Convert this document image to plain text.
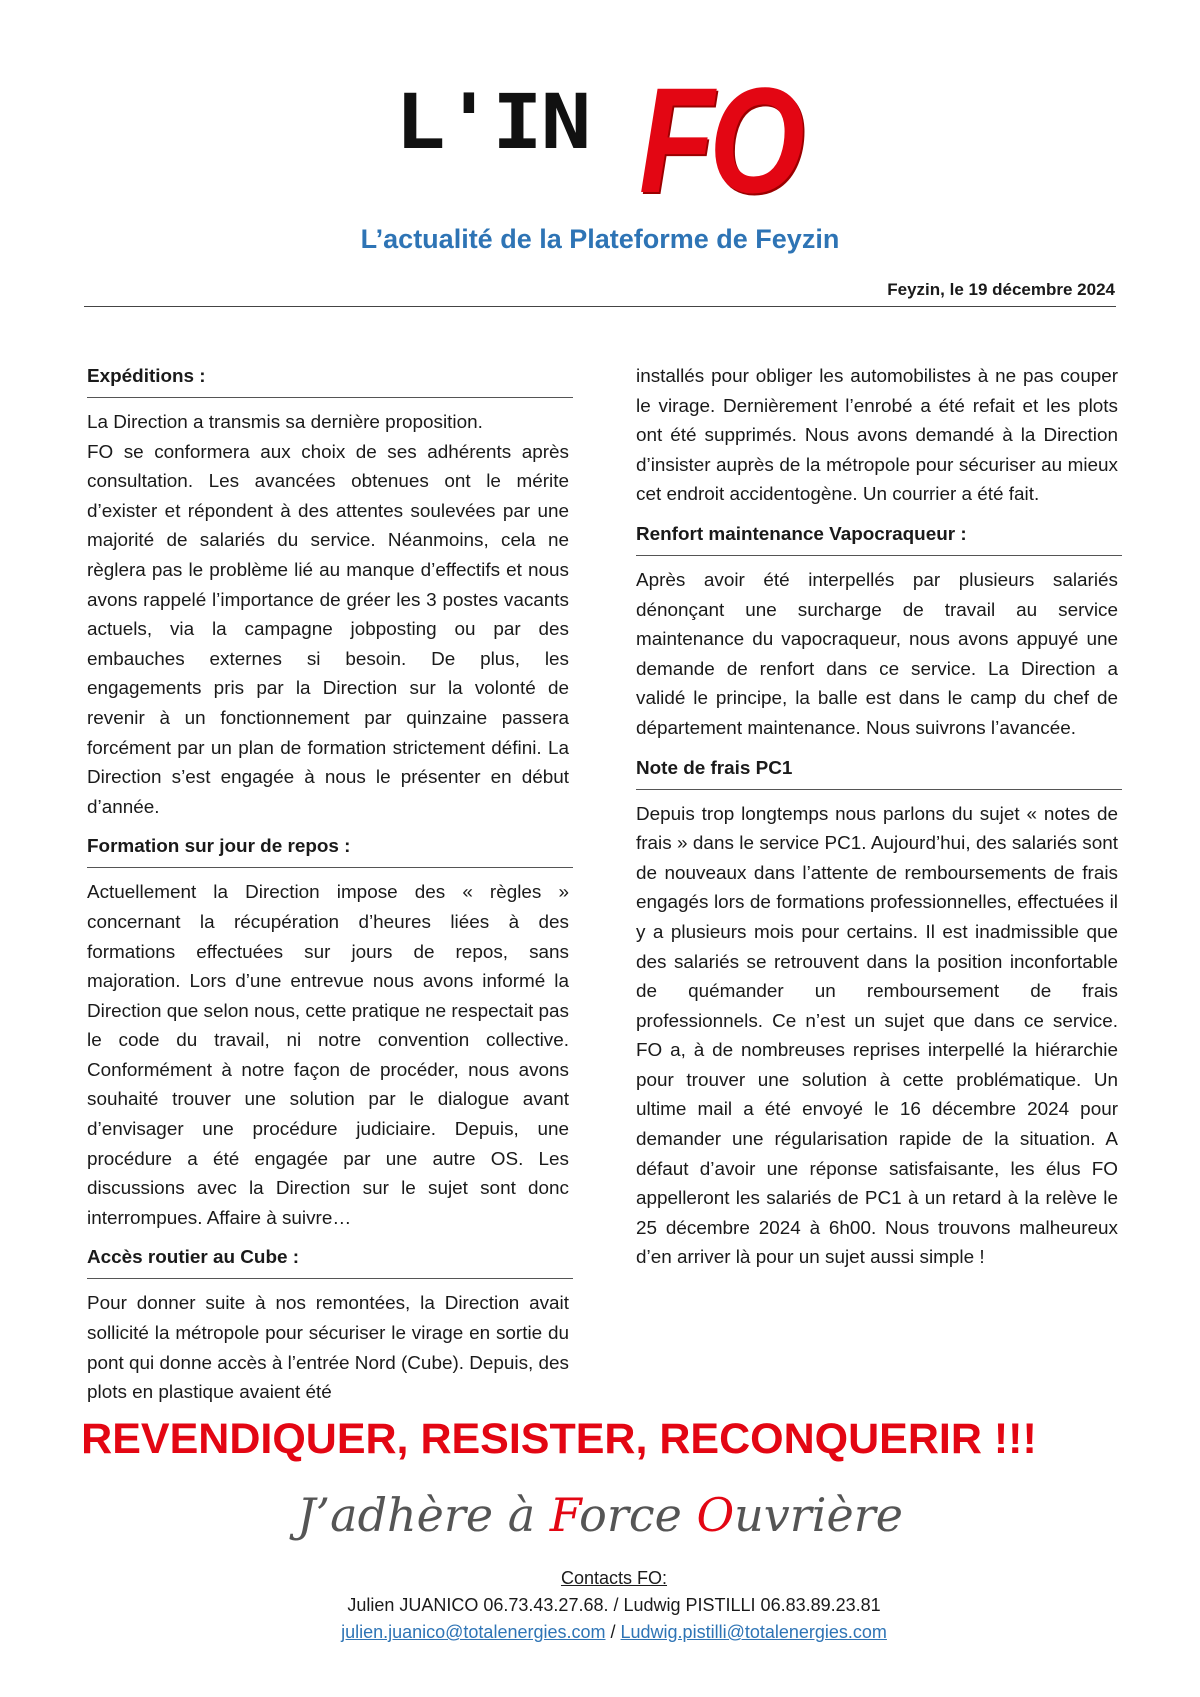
L'IN FO
L’actualité de la Plateforme de Feyzin
Feyzin, le 19 décembre 2024
Expéditions :

La Direction a transmis sa dernière proposition.

FO se conformera aux choix de ses adhérents après consultation. Les avancées obtenues ont le mérite d’exister et répondent à des attentes soulevées par une majorité de salariés du service. Néanmoins, cela ne règlera pas le problème lié au manque d’effectifs et nous avons rappelé l’importance de gréer les 3 postes vacants actuels, via la campagne jobposting ou par des embauches externes si besoin. De plus, les engagements pris par la Direction sur la volonté de revenir à un fonctionnement par quinzaine passera forcément par un plan de formation strictement défini. La Direction s’est engagée à nous le présenter en début d’année.

Formation sur jour de repos :

Actuellement la Direction impose des « règles » concernant la récupération d’heures liées à des formations effectuées sur jours de repos, sans majoration. Lors d’une entrevue nous avons informé la Direction que selon nous, cette pratique ne respectait pas le code du travail, ni notre convention collective. Conformément à notre façon de procéder, nous avons souhaité trouver une solution par le dialogue avant d’envisager une procédure judiciaire. Depuis, une procédure a été engagée par une autre OS. Les discussions avec la Direction sur le sujet sont donc interrompues. Affaire à suivre…

Accès routier au Cube :

Pour donner suite à nos remontées, la Direction avait sollicité la métropole pour sécuriser le virage en sortie du pont qui donne accès à l’entrée Nord (Cube). Depuis, des plots en plastique avaient été

installés pour obliger les automobilistes à ne pas couper le virage. Dernièrement l’enrobé a été refait et les plots ont été supprimés. Nous avons demandé à la Direction d’insister auprès de la métropole pour sécuriser au mieux cet endroit accidentogène. Un courrier a été fait.

Renfort maintenance Vapocraqueur :

Après avoir été interpellés par plusieurs salariés dénonçant une surcharge de travail au service maintenance du vapocraqueur, nous avons appuyé une demande de renfort dans ce service. La Direction a validé le principe, la balle est dans le camp du chef de département maintenance. Nous suivrons l’avancée.

Note de frais PC1

Depuis trop longtemps nous parlons du sujet « notes de frais » dans le service PC1. Aujourd’hui, des salariés sont de nouveaux dans l’attente de remboursements de frais engagés lors de formations professionnelles, effectuées il y a plusieurs mois pour certains. Il est inadmissible que des salariés se retrouvent dans la position inconfortable de quémander un remboursement de frais professionnels. Ce n’est un sujet que dans ce service. FO a, à de nombreuses reprises interpellé la hiérarchie pour trouver une solution à cette problématique. Un ultime mail a été envoyé le 16 décembre 2024 pour demander une régularisation rapide de la situation. A défaut d’avoir une réponse satisfaisante, les élus FO appelleront les salariés de PC1 à un retard à la relève le 25 décembre 2024 à 6h00. Nous trouvons malheureux d’en arriver là pour un sujet aussi simple !

REVENDIQUER, RESISTER, RECONQUERIR !!!
J’adhère à Force Ouvrière
Contacts FO:
Julien JUANICO 06.73.43.27.68. / Ludwig PISTILLI 06.83.89.23.81
julien.juanico@totalenergies.com / Ludwig.pistilli@totalenergies.com
